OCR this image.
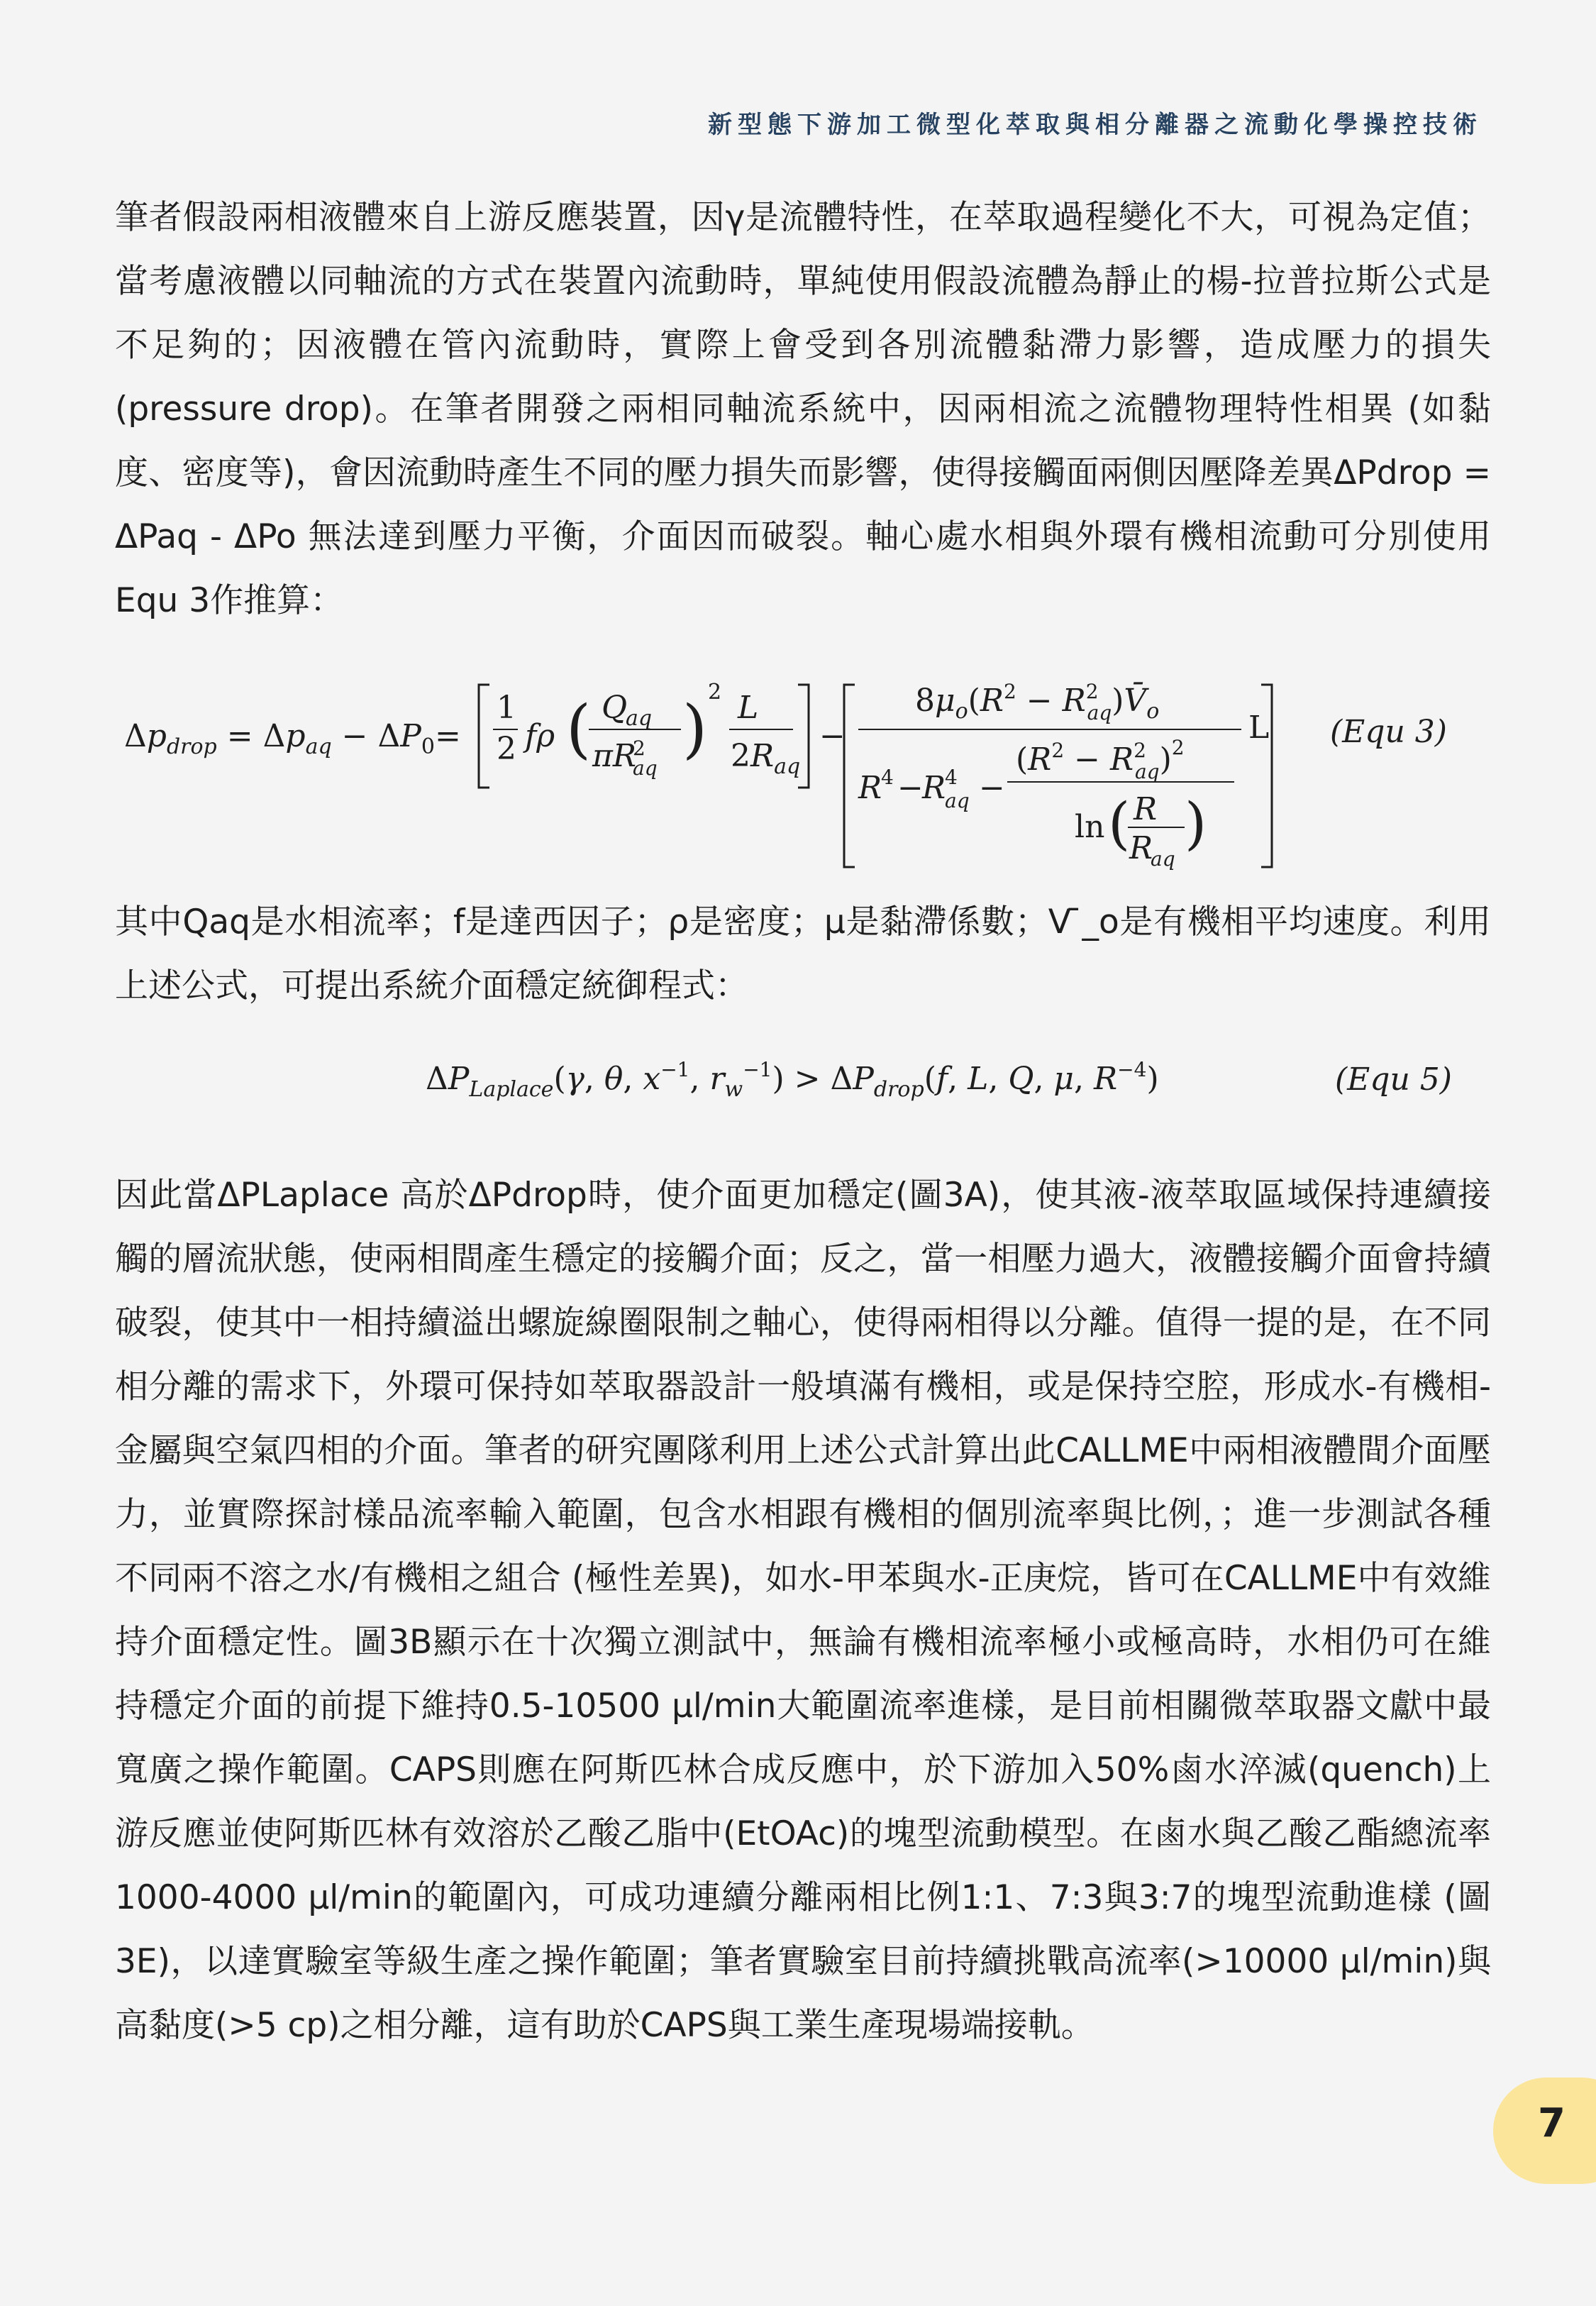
新型態下游加工微型化萃取與相分離器之流動化學操控技術

筆者假設兩相液體來自上游反應裝置，因γ是流體特性，在萃取過程變化不大，可視為定值；當考慮液體以同軸流的方式在裝置內流動時，單純使用假設流體為靜止的楊-拉普拉斯公式是不足夠的；因液體在管內流動時，實際上會受到各別流體黏滯力影響，造成壓力的損失(pressure drop)。在筆者開發之兩相同軸流系統中，因兩相流之流體物理特性相異 (如黏度、密度等)，會因流動時產生不同的壓力損失而影響，使得接觸面兩側因壓降差異ΔPdrop = ΔPaq - ΔPo 無法達到壓力平衡，介面因而破裂。軸心處水相與外環有機相流動可分別使用Equ 3作推算：

$\Delta p_{drop} = \Delta p_{aq} - \Delta P_0=$
1
2 fρ ( Q
aq
πR
2
aq
) 2 L
$2R_{aq}$
−
$8\mu_o(R^2 - R^2$ $aq)V̄_o$	L
R
4 −
R
4
aq −
($R^2 - R^2$ aq)$^2$
ln ( R
R
aq
)
(Equ 3)

其中Qaq是水相流率；f是達西因子；ρ是密度；μ是黏滯係數；V ̄_o是有機相平均速度。利用上述公式，可提出系統介面穩定統御程式：

$\Delta P_{Laplace}(\gamma$, θ, $x^{-1}$, $r_w^{-1}) > \Delta P_{drop}(f$, L, Q, μ, $R^{-4}$)	(Equ 5)

因此當ΔPLaplace 高於ΔPdrop時，使介面更加穩定(圖3A)，使其液-液萃取區域保持連續接觸的層流狀態，使兩相間產生穩定的接觸介面；反之，當一相壓力過大，液體接觸介面會持續破裂，使其中一相持續溢出螺旋線圈限制之軸心，使得兩相得以分離。值得一提的是，在不同相分離的需求下，外環可保持如萃取器設計一般填滿有機相，或是保持空腔，形成水-有機相-金屬與空氣四相的介面。筆者的研究團隊利用上述公式計算出此CALLME中兩相液體間介面壓力，並實際探討樣品流率輸入範圍，包含水相跟有機相的個別流率與比例，；進一步測試各種不同兩不溶之水/有機相之組合 (極性差異)，如水-甲苯與水-正庚烷，皆可在CALLME中有效維持介面穩定性。圖3B顯示在十次獨立測試中，無論有機相流率極小或極高時，水相仍可在維持穩定介面的前提下維持0.5-10500 μl/min大範圍流率進樣，是目前相關微萃取器文獻中最寬廣之操作範圍。CAPS則應在阿斯匹林合成反應中，於下游加入50%鹵水淬滅(quench)上游反應並使阿斯匹林有效溶於乙酸乙脂中(EtOAc)的塊型流動模型。在鹵水與乙酸乙酯總流率1000-4000 μl/min的範圍內，可成功連續分離兩相比例1:1、7:3與3:7的塊型流動進樣 (圖3E)，以達實驗室等級生產之操作範圍；筆者實驗室目前持續挑戰高流率(>10000 μl/min)與高黏度(>5 cp)之相分離，這有助於CAPS與工業生產現場端接軌。

7
